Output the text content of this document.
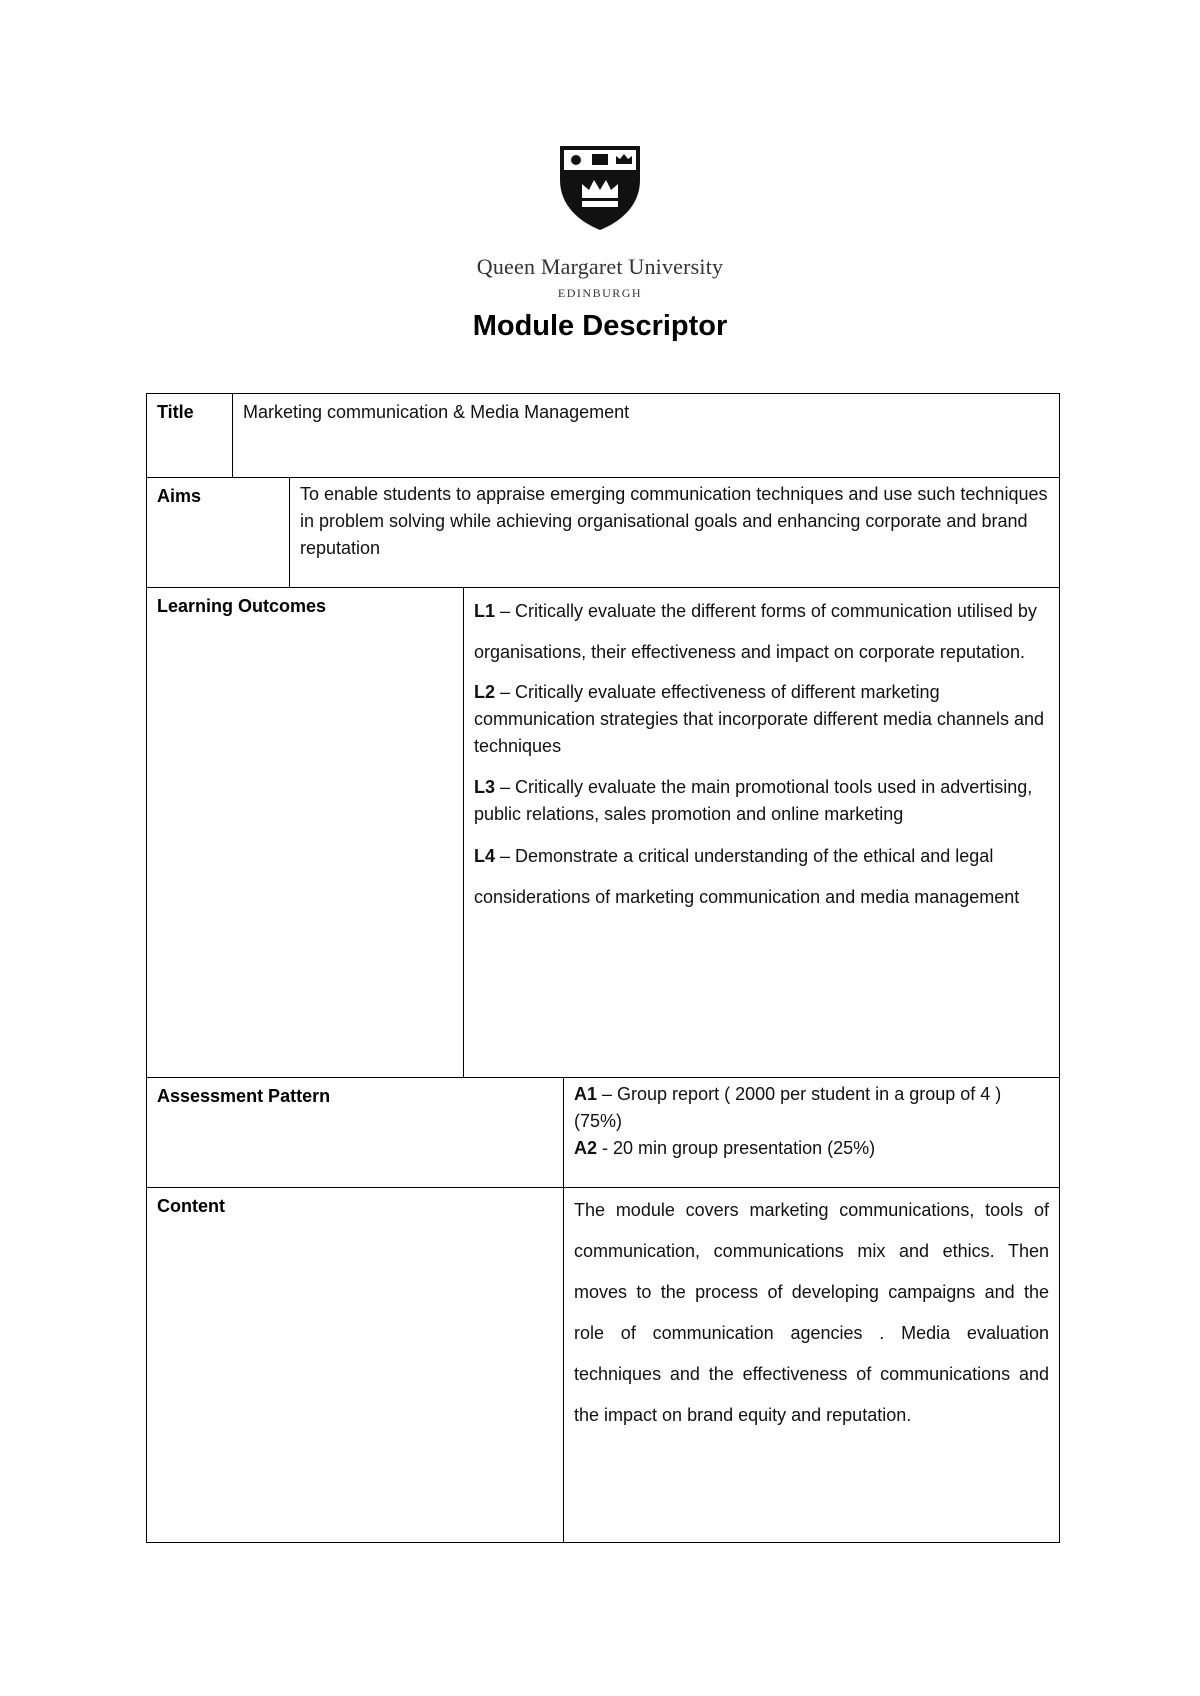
Queen Margaret University
EDINBURGH
Module Descriptor
Title	Marketing communication & Media Management
Aims	To enable students to appraise emerging communication techniques and use such techniques in problem solving while achieving organisational goals and enhancing corporate and brand reputation
Learning Outcomes	L1 – Critically evaluate the different forms of communication utilised by organisations, their effectiveness and impact on corporate reputation.

L2 – Critically evaluate effectiveness of different marketing communication strategies that incorporate different media channels and techniques

L3 – Critically evaluate the main promotional tools used in advertising, public relations, sales promotion and online marketing

L4 – Demonstrate a critical understanding of the ethical and legal considerations of marketing communication and media management

Assessment Pattern	A1 – Group report ( 2000 per student in a group of 4 )(75%)
A2 - 20 min group presentation (25%)
Content	The module covers marketing communications, tools of communication, communications mix and ethics. Then moves to the process of developing campaigns and the role of communication agencies . Media evaluation techniques and the effectiveness of communications and the impact on brand equity and reputation.
